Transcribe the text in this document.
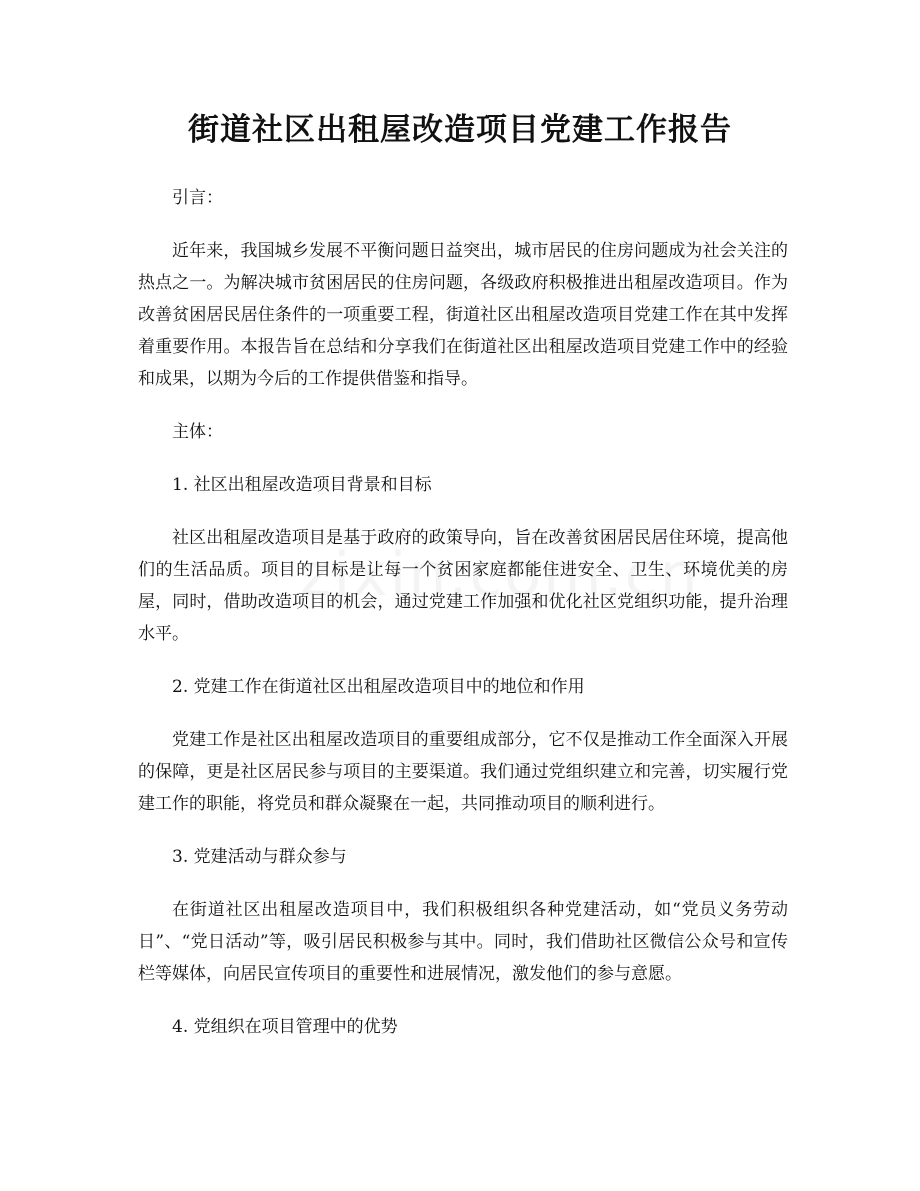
街道社区出租屋改造项目党建工作报告

引言：

近年来，我国城乡发展不平衡问题日益突出，城市居民的住房问题成为社会关注的热点之一。为解决城市贫困居民的住房问题，各级政府积极推进出租屋改造项目。作为改善贫困居民居住条件的一项重要工程，街道社区出租屋改造项目党建工作在其中发挥着重要作用。本报告旨在总结和分享我们在街道社区出租屋改造项目党建工作中的经验和成果，以期为今后的工作提供借鉴和指导。

主体：

1. 社区出租屋改造项目背景和目标

社区出租屋改造项目是基于政府的政策导向，旨在改善贫困居民居住环境，提高他们的生活品质。项目的目标是让每一个贫困家庭都能住进安全、卫生、环境优美的房屋，同时，借助改造项目的机会，通过党建工作加强和优化社区党组织功能，提升治理水平。

2. 党建工作在街道社区出租屋改造项目中的地位和作用

党建工作是社区出租屋改造项目的重要组成部分，它不仅是推动工作全面深入开展的保障，更是社区居民参与项目的主要渠道。我们通过党组织建立和完善，切实履行党建工作的职能，将党员和群众凝聚在一起，共同推动项目的顺利进行。

3. 党建活动与群众参与

在街道社区出租屋改造项目中，我们积极组织各种党建活动，如“党员义务劳动日”、“党日活动”等，吸引居民积极参与其中。同时，我们借助社区微信公众号和宣传栏等媒体，向居民宣传项目的重要性和进展情况，激发他们的参与意愿。

4. 党组织在项目管理中的优势
